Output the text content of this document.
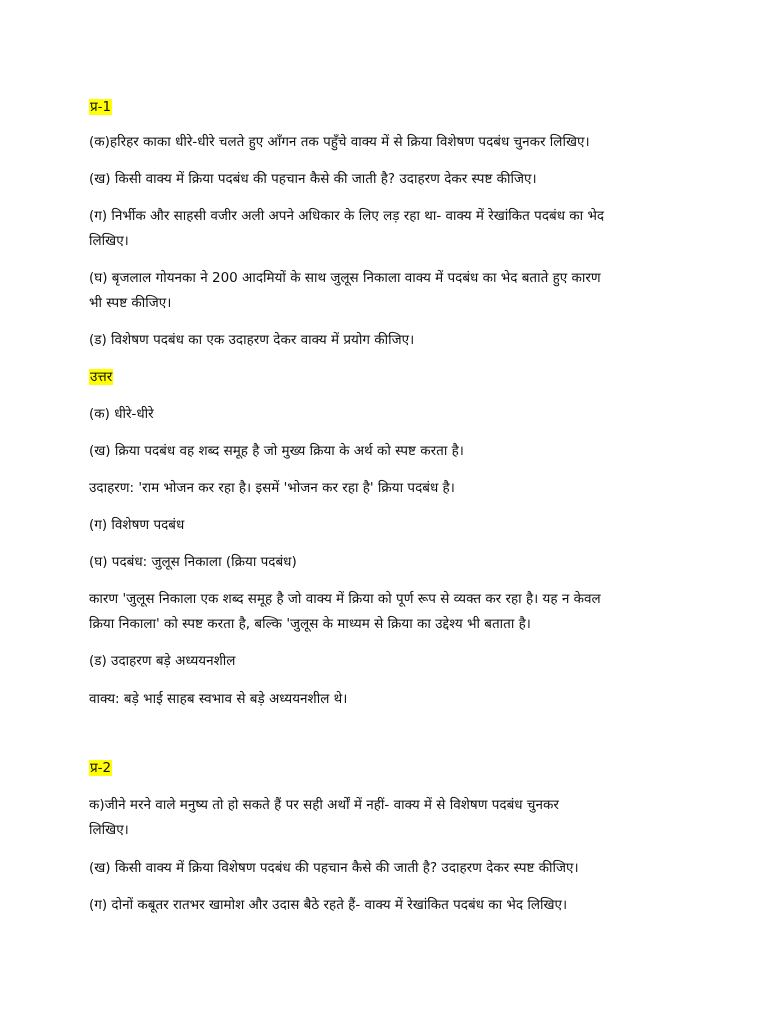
प्र-1
(क)हरिहर काका धीरे-धीरे चलते हुए आँगन तक पहुँचे वाक्य में से क्रिया विशेषण पदबंध चुनकर लिखिए।
(ख) किसी वाक्य में क्रिया पदबंध की पहचान कैसे की जाती है? उदाहरण देकर स्पष्ट कीजिए।
(ग) निर्भीक और साहसी वजीर अली अपने अधिकार के लिए लड़ रहा था- वाक्य में रेखांकित पदबंध का भेद
लिखिए।
(घ) बृजलाल गोयनका ने 200 आदमियों के साथ जुलूस निकाला वाक्य में पदबंध का भेद बताते हुए कारण
भी स्पष्ट कीजिए।
(ड) विशेषण पदबंध का एक उदाहरण देकर वाक्य में प्रयोग कीजिए।
उत्तर
(क) धीरे-धीरे
(ख) क्रिया पदबंध वह शब्द समूह है जो मुख्य क्रिया के अर्थ को स्पष्ट करता है।
उदाहरण: 'राम भोजन कर रहा है। इसमें 'भोजन कर रहा है' क्रिया पदबंध है।
(ग) विशेषण पदबंध
(घ) पदबंध: जुलूस निकाला (क्रिया पदबंध)
कारण 'जुलूस निकाला एक शब्द समूह है जो वाक्य में क्रिया को पूर्ण रूप से व्यक्त कर रहा है। यह न केवल
क्रिया निकाला' को स्पष्ट करता है, बल्कि 'जुलूस के माध्यम से क्रिया का उद्देश्य भी बताता है।
(ड) उदाहरण बड़े अध्ययनशील
वाक्य: बड़े भाई साहब स्वभाव से बड़े अध्ययनशील थे।
प्र-2
क)जीने मरने वाले मनुष्य तो हो सकते हैं पर सही अर्थों में नहीं- वाक्य में से विशेषण पदबंध चुनकर
लिखिए।
(ख) किसी वाक्य में क्रिया विशेषण पदबंध की पहचान कैसे की जाती है? उदाहरण देकर स्पष्ट कीजिए।
(ग) दोनों कबूतर रातभर खामोश और उदास बैठे रहते हैं- वाक्य में रेखांकित पदबंध का भेद लिखिए।
